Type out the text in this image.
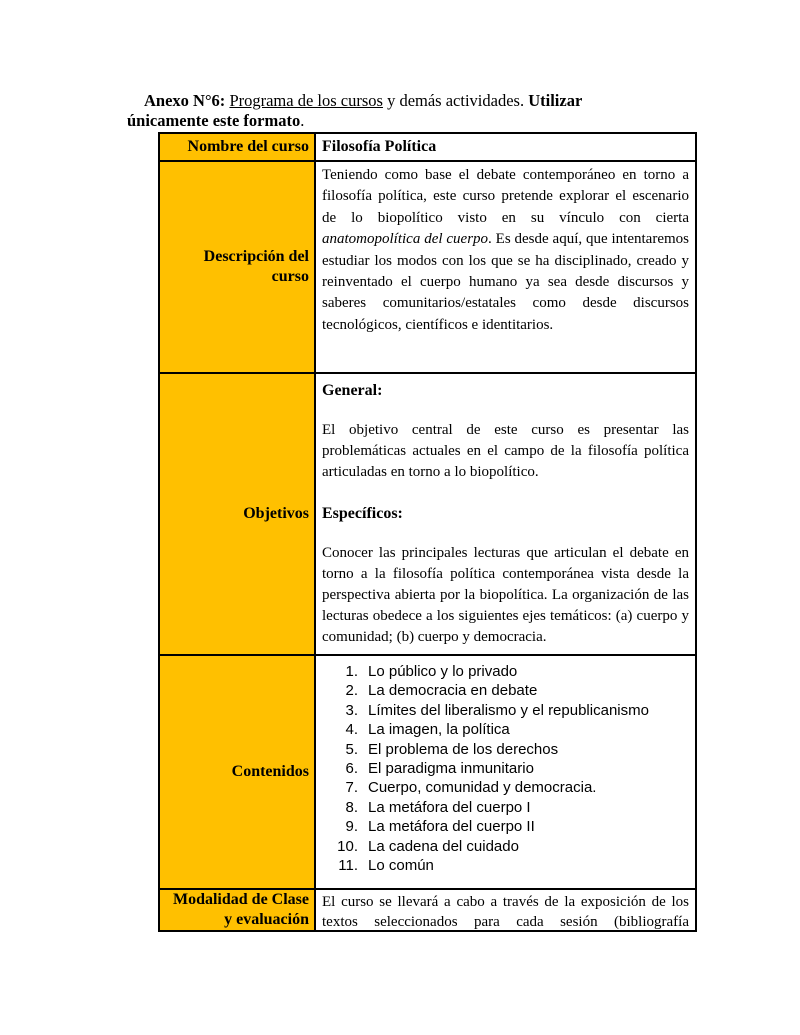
Anexo N°6: Programa de los cursos y demás actividades. Utilizar únicamente este formato.
Nombre del curso Filosofía Política
Descripción del curso

Teniendo como base el debate contemporáneo en torno a filosofía política, este curso pretende explorar el escenario de lo biopolítico visto en su vínculo con cierta anatomopolítica del cuerpo. Es desde aquí, que intentaremos estudiar los modos con los que se ha disciplinado, creado y reinventado el cuerpo humano ya sea desde discursos y saberes comunitarios/estatales como desde discursos tecnológicos, científicos e identitarios.

Objetivos
General:

El objetivo central de este curso es presentar las problemáticas actuales en el campo de la filosofía política articuladas en torno a lo biopolítico.

Específicos:

Conocer las principales lecturas que articulan el debate en torno a la filosofía política contemporánea vista desde la perspectiva abierta por la biopolítica. La organización de las lecturas obedece a los siguientes ejes temáticos: (a) cuerpo y comunidad; (b) cuerpo y democracia.

Contenidos
1. Lo público y lo privado
2. La democracia en debate
3. Límites del liberalismo y el republicanismo
4. La imagen, la política
5. El problema de los derechos
6. El paradigma inmunitario
7. Cuerpo, comunidad y democracia.
8. La metáfora del cuerpo I
9. La metáfora del cuerpo II
10. La cadena del cuidado
11. Lo común
Modalidad de Clase y evaluación

El curso se llevará a cabo a través de la exposición de los textos seleccionados para cada sesión (bibliografía
